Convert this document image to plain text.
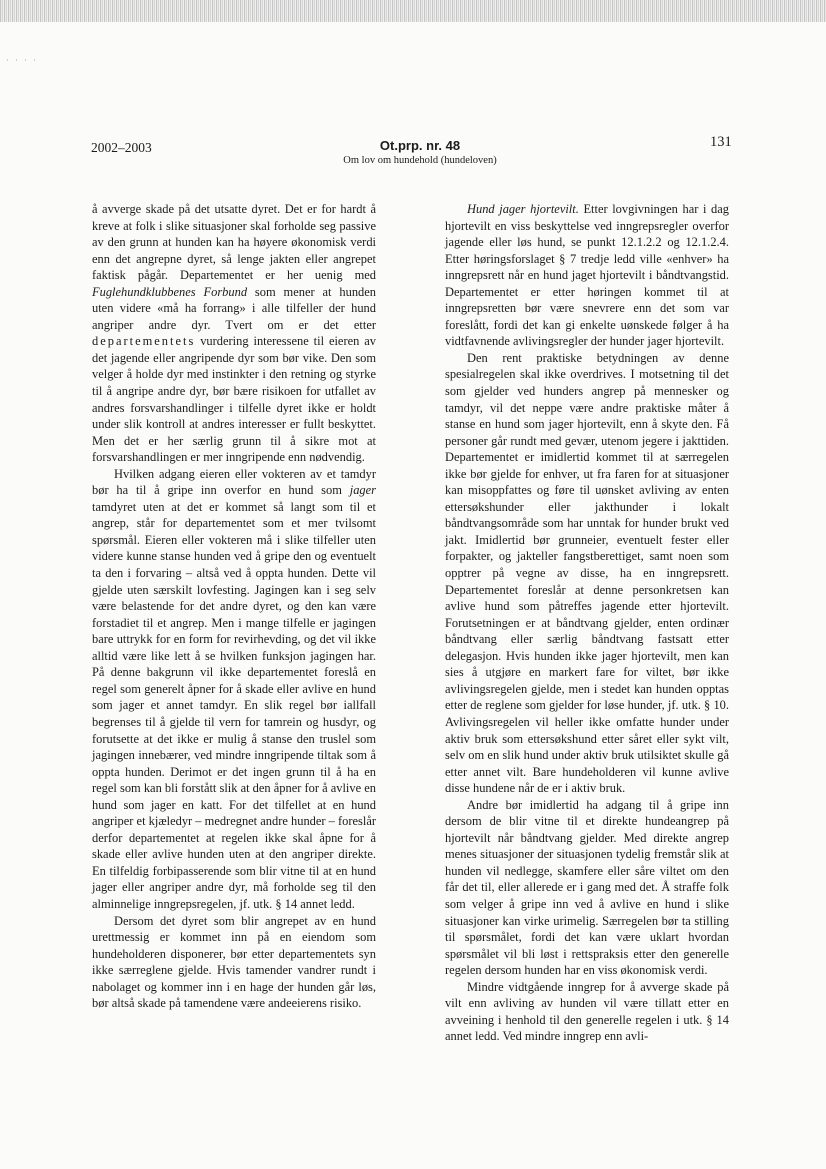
· · · ·
2002–2003	Ot.prp. nr. 48
Om lov om hundehold (hundeloven)
131

å avverge skade på det utsatte dyret. Det er for hardt å kreve at folk i slike situasjoner skal forholde seg passive av den grunn at hunden kan ha høyere økonomisk verdi enn det angrepne dyret, så lenge jakten eller angrepet faktisk pågår. Departementet er her uenig med Fuglehundklubbenes Forbund som mener at hunden uten videre «må ha forrang» i alle tilfeller der hund angriper andre dyr. Tvert om er det etter departementets vurdering interessene til eieren av det jagende eller angripende dyr som bør vike. Den som velger å holde dyr med instinkter i den retning og styrke til å angripe andre dyr, bør bære risikoen for utfallet av andres forsvarshandlinger i tilfelle dyret ikke er holdt under slik kontroll at andres interesser er fullt beskyttet. Men det er her særlig grunn til å sikre mot at forsvarshandlingen er mer inngripende enn nødvendig.

Hvilken adgang eieren eller vokteren av et tamdyr bør ha til å gripe inn overfor en hund som jager tamdyret uten at det er kommet så langt som til et angrep, står for departementet som et mer tvilsomt spørsmål. Eieren eller vokteren må i slike tilfeller uten videre kunne stanse hunden ved å gripe den og eventuelt ta den i forvaring – altså ved å oppta hunden. Dette vil gjelde uten særskilt lovfesting. Jagingen kan i seg selv være belastende for det andre dyret, og den kan være forstadiet til et angrep. Men i mange tilfelle er jagingen bare uttrykk for en form for revirhevding, og det vil ikke alltid være like lett å se hvilken funksjon jagingen har. På denne bakgrunn vil ikke departementet foreslå en regel som generelt åpner for å skade eller avlive en hund som jager et annet tamdyr. En slik regel bør iallfall begrenses til å gjelde til vern for tamrein og husdyr, og forutsette at det ikke er mulig å stanse den truslel som jagingen innebærer, ved mindre inngripende tiltak som å oppta hunden. Derimot er det ingen grunn til å ha en regel som kan bli forstått slik at den åpner for å avlive en hund som jager en katt. For det tilfellet at en hund angriper et kjæledyr – medregnet andre hunder – foreslår derfor departementet at regelen ikke skal åpne for å skade eller avlive hunden uten at den angriper direkte. En tilfeldig forbipasserende som blir vitne til at en hund jager eller angriper andre dyr, må forholde seg til den alminnelige inngrepsregelen, jf. utk. § 14 annet ledd.

Dersom det dyret som blir angrepet av en hund urettmessig er kommet inn på en eiendom som hundeholderen disponerer, bør etter departementets syn ikke særreglene gjelde. Hvis tamender vandrer rundt i nabolaget og kommer inn i en hage der hunden går løs, bør altså skade på tamendene være andeeierens risiko.

Hund jager hjortevilt. Etter lovgivningen har i dag hjortevilt en viss beskyttelse ved inngrepsregler overfor jagende eller løs hund, se punkt 12.1.2.2 og 12.1.2.4. Etter høringsforslaget § 7 tredje ledd ville «enhver» ha inngrepsrett når en hund jaget hjortevilt i båndtvangstid. Departementet er etter høringen kommet til at inngrepsretten bør være snevrere enn det som var foreslått, fordi det kan gi enkelte uønskede følger å ha vidtfavnende avlivingsregler der hunder jager hjortevilt.

Den rent praktiske betydningen av denne spesialregelen skal ikke overdrives. I motsetning til det som gjelder ved hunders angrep på mennesker og tamdyr, vil det neppe være andre praktiske måter å stanse en hund som jager hjortevilt, enn å skyte den. Få personer går rundt med gevær, utenom jegere i jakttiden. Departementet er imidlertid kommet til at særregelen ikke bør gjelde for enhver, ut fra faren for at situasjoner kan misoppfattes og føre til uønsket avliving av enten ettersøkshunder eller jakthunder i lokalt båndtvangsområde som har unntak for hunder brukt ved jakt. Imidlertid bør grunneier, eventuelt fester eller forpakter, og jakteller fangstberettiget, samt noen som opptrer på vegne av disse, ha en inngrepsrett. Departementet foreslår at denne personkretsen kan avlive hund som påtreffes jagende etter hjortevilt. Forutsetningen er at båndtvang gjelder, enten ordinær båndtvang eller særlig båndtvang fastsatt etter delegasjon. Hvis hunden ikke jager hjortevilt, men kan sies å utgjøre en markert fare for viltet, bør ikke avlivingsregelen gjelde, men i stedet kan hunden opptas etter de reglene som gjelder for løse hunder, jf. utk. § 10. Avlivingsregelen vil heller ikke omfatte hunder under aktiv bruk som ettersøkshund etter såret eller sykt vilt, selv om en slik hund under aktiv bruk utilsiktet skulle gå etter annet vilt. Bare hundeholderen vil kunne avlive disse hundene når de er i aktiv bruk.

Andre bør imidlertid ha adgang til å gripe inn dersom de blir vitne til et direkte hundeangrep på hjortevilt når båndtvang gjelder. Med direkte angrep menes situasjoner der situasjonen tydelig fremstår slik at hunden vil nedlegge, skamfere eller såre viltet om den får det til, eller allerede er i gang med det. Å straffe folk som velger å gripe inn ved å avlive en hund i slike situasjoner kan virke urimelig. Særregelen bør ta stilling til spørsmålet, fordi det kan være uklart hvordan spørsmålet vil bli løst i rettspraksis etter den generelle regelen dersom hunden har en viss økonomisk verdi.

Mindre vidtgående inngrep for å avverge skade på vilt enn avliving av hunden vil være tillatt etter en avveining i henhold til den generelle regelen i utk. § 14 annet ledd. Ved mindre inngrep enn avli-
